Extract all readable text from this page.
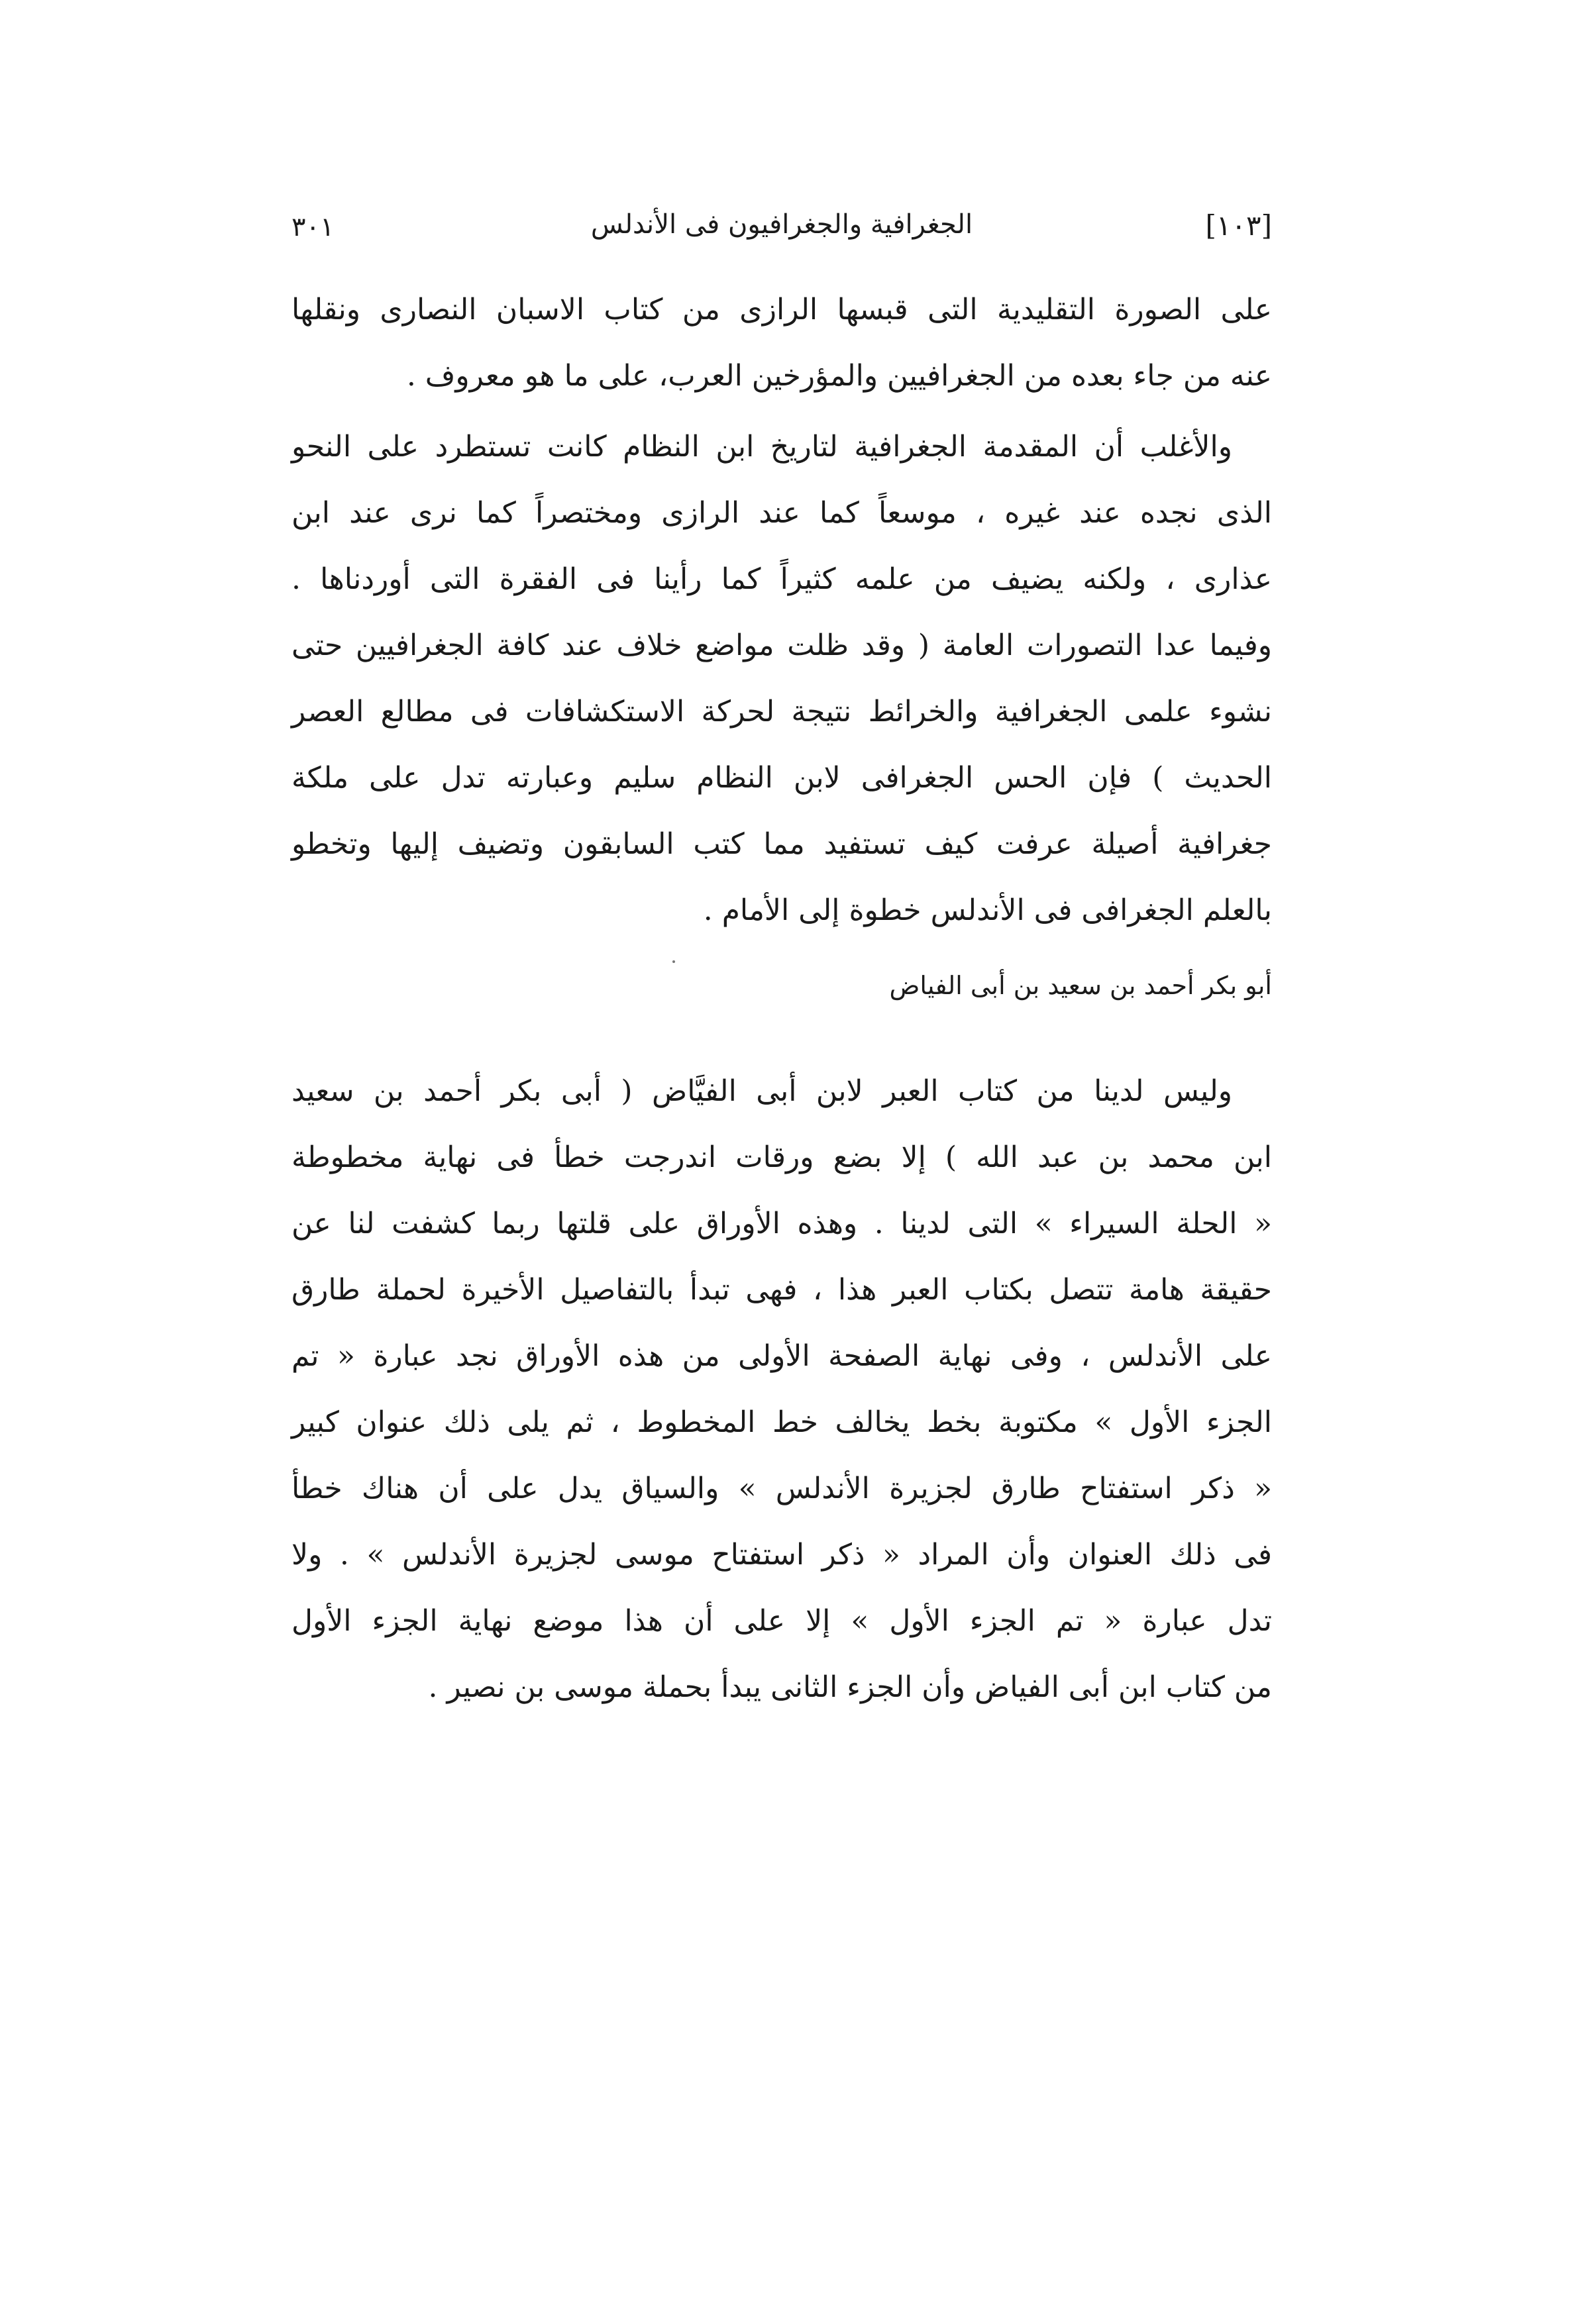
٣٠١	الجغرافية والجغرافيون فى الأندلس	[١٠٣]
على الصورة التقليدية التى قبسها الرازى من كتاب الاسبان النصارى ونقلها
عنه من جاء بعده من الجغرافيين والمؤرخين العرب، على ما هو معروف .
والأغلب أن المقدمة الجغرافية لتاريخ ابن النظام كانت تستطرد على النحو
الذى نجده عند غيره ، موسعاً كما عند الرازى ومختصراً كما نرى عند ابن
عذارى ، ولكنه يضيف من علمه كثيراً كما رأينا فى الفقرة التى أوردناها .
وفيما عدا التصورات العامة ( وقد ظلت مواضع خلاف عند كافة الجغرافيين حتى
نشوء علمى الجغرافية والخرائط نتيجة لحركة الاستكشافات فى مطالع العصر
الحديث ) فإن الحس الجغرافى لابن النظام سليم وعبارته تدل على ملكة
جغرافية أصيلة عرفت كيف تستفيد مما كتب السابقون وتضيف إليها وتخطو
بالعلم الجغرافى فى الأندلس خطوة إلى الأمام .
أبو بكر أحمد بن سعيد بن أبى الفياض
وليس لدينا من كتاب العبر لابن أبى الفيَّاض ( أبى بكر أحمد بن سعيد
ابن محمد بن عبد الله ) إلا بضع ورقات اندرجت خطأ فى نهاية مخطوطة
« الحلة السيراء » التى لدينا . وهذه الأوراق على قلتها ربما كشفت لنا عن
حقيقة هامة تتصل بكتاب العبر هذا ، فهى تبدأ بالتفاصيل الأخيرة لحملة طارق
على الأندلس ، وفى نهاية الصفحة الأولى من هذه الأوراق نجد عبارة « تم
الجزء الأول » مكتوبة بخط يخالف خط المخطوط ، ثم يلى ذلك عنوان كبير
« ذكر استفتاح طارق لجزيرة الأندلس » والسياق يدل على أن هناك خطأ
فى ذلك العنوان وأن المراد « ذكر استفتاح موسى لجزيرة الأندلس » . ولا
تدل عبارة « تم الجزء الأول » إلا على أن هذا موضع نهاية الجزء الأول
من كتاب ابن أبى الفياض وأن الجزء الثانى يبدأ بحملة موسى بن نصير .
